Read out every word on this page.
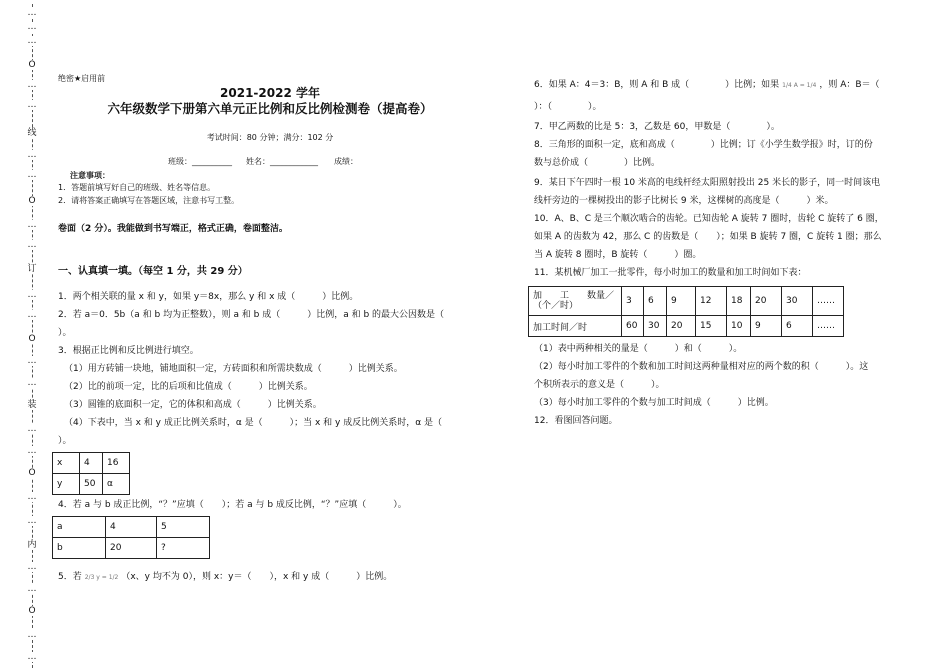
…
…
…
O
…
…
线
…
…
O
…
…
订
…
…
O
…
…
装
…
…
O
…
…
内
…
…
O
…
…
绝密★启用前
2021-2022 学年
六年级数学下册第六单元正比例和反比例检测卷（提高卷）
考试时间：80 分钟；满分：102 分
班级：__________ 姓名：____________ 成绩：
注意事项：
1．答题前填写好自己的班级、姓名等信息。
2．请将答案正确填写在答题区域，注意书写工整。
卷面（2 分）。我能做到书写端正，格式正确，卷面整洁。
一、认真填一填。（每空 1 分，共 29 分）
1．两个相关联的量 x 和 y，如果 y＝8x，那么 y 和 x 成（　　　）比例。
2．若 a＝0．5b（a 和 b 均为正整数），则 a 和 b 成（　　　）比例，a 和 b 的最大公因数是（
）。
3．根据正比例和反比例进行填空。
（1）用方砖铺一块地，铺地面积一定，方砖面积和所需块数成（　　　）比例关系。
（2）比的前项一定，比的后项和比值成（　　　）比例关系。
（3）圆锥的底面积一定，它的体积和高成（　　　）比例关系。
（4）下表中，当 x 和 y 成正比例关系时，α 是（　　　）；当 x 和 y 成反比例关系时，α 是（
）。
x	4	16
y	50	α
4．若 a 与 b 成正比例，“？”应填（　　）；若 a 与 b 成反比例，“？”应填（　　　）。
a	4	5
b	20	?
5．若 2/3 y = 1/2 （x、y 均不为 0），则 x：y＝（　　），x 和 y 成（　　　）比例。
6．如果 A：4＝3：B，则 A 和 B 成（　　　　）比例；如果 1/4 A = 1/4 ，则 A：B＝（
）：（　　　　）。
7．甲乙两数的比是 5：3，乙数是 60，甲数是（　　　　）。
8．三角形的面积一定，底和高成（　　　　）比例；订《小学生数学报》时，订的份
数与总价成（　　　　）比例。
9．某日下午四时一根 10 米高的电线杆经太阳照射投出 25 米长的影子，同一时间该电
线杆旁边的一棵树投出的影子比树长 9 米，这棵树的高度是（　　　）米。
10．A、B、C 是三个顺次啮合的齿轮。已知齿轮 A 旋转 7 圈时，齿轮 C 旋转了 6 圈，
如果 A 的齿数为 42，那么 C 的齿数是（　　）；如果 B 旋转 7 圈，C 旋转 1 圈；那么
当 A 旋转 8 圈时，B 旋转（　　　）圈。
11．某机械厂加工一批零件，每小时加工的数量和加工时间如下表：
加　　工　　数量／（个／时）	3	6	9	12	18	20	30	……
加工时间／时	60	30	20	15	10	9	6	……
（1）表中两种相关的量是（　　　）和（　　　）。
（2）每小时加工零件的个数和加工时间这两种量相对应的两个数的积（　　　）。这
个积所表示的意义是（　　　）。
（3）每小时加工零件的个数与加工时间成（　　　）比例。
12．看图回答问题。
